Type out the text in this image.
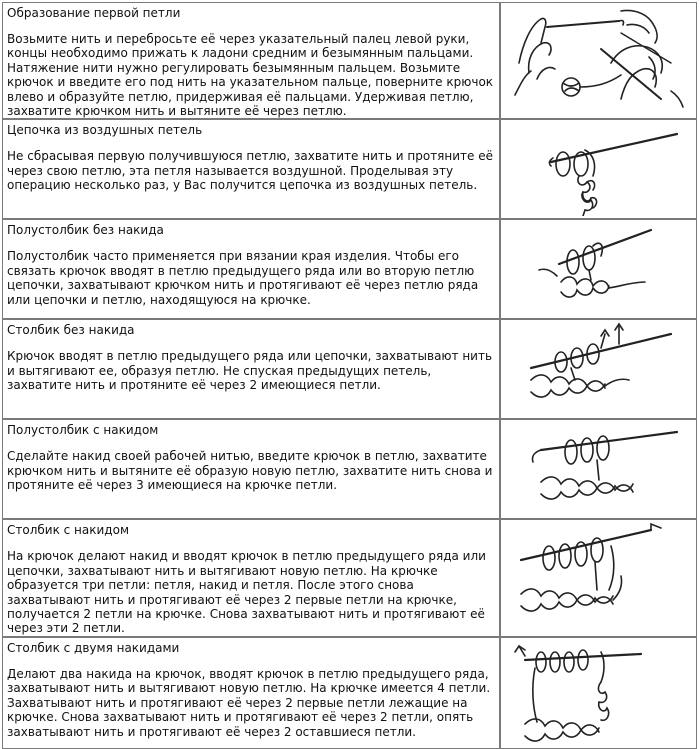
Образование первой петли
Возьмите нить и перебросьте её через указательный палец левой руки, концы необходимо прижать к ладони средним и безымянным пальцами. Натяжение нити нужно регулировать безымянным пальцем. Возьмите крючок и введите его под нить на указательном пальце, поверните крючок влево и образуйте петлю, придерживая её пальцами. Удерживая петлю, захватите крючком нить и вытяните её через петлю.

Цепочка из воздушных петель
Не сбрасывая первую получившуюся петлю, захватите нить и протяните её через свою петлю, эта петля называется воздушной. Проделывая эту операцию несколько раз, у Вас получится цепочка из воздушных петель.

Полустолбик без накида
Полустолбик часто применяется при вязании края изделия. Чтобы его связать крючок вводят в петлю предыдущего ряда или во вторую петлю цепочки, захватывают крючком нить и протягивают её через петлю ряда или цепочки и петлю, находящуюся на крючке.

Столбик без накида
Крючок вводят в петлю предыдущего ряда или цепочки, захватывают нить и вытягивают ее, образуя петлю. Не спуская предыдущих петель, захватите нить и протяните её через 2 имеющиеся петли.

Полустолбик с накидом
Сделайте накид своей рабочей нитью, введите крючок в петлю, захватите крючком нить и вытяните её образую новую петлю, захватите нить снова и протяните её через 3 имеющиеся на крючке петли.

Столбик с накидом
На крючок делают накид и вводят крючок в петлю предыдущего ряда или цепочки, захватывают нить и вытягивают новую петлю. На крючке образуется три петли: петля, накид и петля. После этого снова захватывают нить и протягивают её через 2 первые петли на крючке, получается 2 петли на крючке. Снова захватывают нить и протягивают её через эти 2 петли.

Столбик с двумя накидами
Делают два накида на крючок, вводят крючок в петлю предыдущего ряда, захватывают нить и вытягивают новую петлю. На крючке имеется 4 петли. Захватывают нить и протягивают её через 2 первые петли лежащие на крючке. Снова захватывают нить и протягивают её через 2 петли, опять захватывают нить и протягивают её через 2 оставшиеся петли.
